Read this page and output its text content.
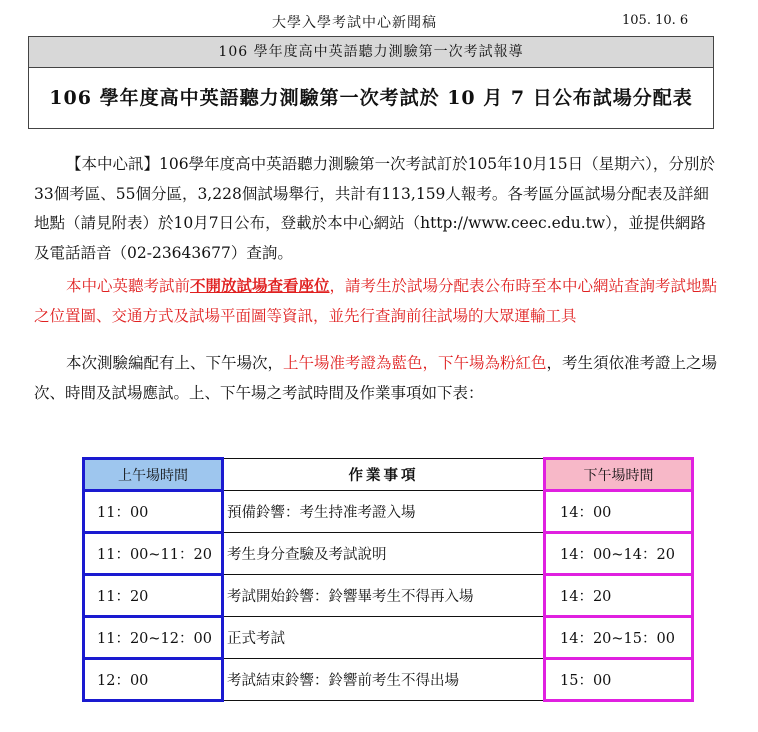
大學入學考試中心新聞稿	105. 10. 6
106 學年度高中英語聽力測驗第一次考試報導
106 學年度高中英語聽力測驗第一次考試於 10 月 7 日公布試場分配表

【本中心訊】106學年度高中英語聽力測驗第一次考試訂於105年10月15日（星期六），分別於33個考區、55個分區，3,228個試場舉行，共計有113,159人報考。各考區分區試場分配表及詳細地點（請見附表）於10月7日公布，登載於本中心網站（http://www.ceec.edu.tw），並提供網路及電話語音（02-23643677）查詢。

本中心英聽考試前不開放試場查看座位，請考生於試場分配表公布時至本中心網站查詢考試地點之位置圖、交通方式及試場平面圖等資訊，並先行查詢前往試場的大眾運輸工具

本次測驗編配有上、下午場次，上午場准考證為藍色，下午場為粉紅色，考生須依准考證上之場次、時間及試場應試。上、下午場之考試時間及作業事項如下表：

上午場時間	作業事項	下午場時間
11：00	預備鈴響：考生持准考證入場	14：00
11：00~11：20	考生身分查驗及考試說明	14：00~14：20
11：20	考試開始鈴響：鈴響畢考生不得再入場	14：20
11：20~12：00	正式考試	14：20~15：00
12：00	考試結束鈴響：鈴響前考生不得出場	15：00
